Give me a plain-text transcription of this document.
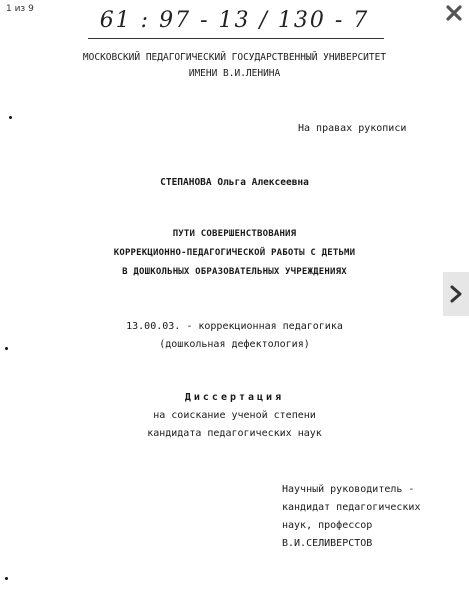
61 : 97 - 13 / 130 - 7
МОСКОВСКИЙ ПЕДАГОГИЧЕСКИЙ ГОСУДАРСТВЕННЫЙ УНИВЕРСИТЕТ
ИМЕНИ В.И.ЛЕНИНА
На правах рукописи
СТЕПАНОВА Ольга Алексеевна
ПУТИ СОВЕРШЕНСТВОВАНИЯ
КОРРЕКЦИОННО-ПЕДАГОГИЧЕСКОЙ РАБОТЫ С ДЕТЬМИ
В ДОШКОЛЬНЫХ ОБРАЗОВАТЕЛЬНЫХ УЧРЕЖДЕНИЯХ
13.00.03. - коррекционная педагогика
(дошкольная дефектология)
Диссертация
на соискание ученой степени
кандидата педагогических наук
Научный руководитель -
кандидат педагогических
наук, профессор
В.И.СЕЛИВЕРСТОВ
1 из 9
